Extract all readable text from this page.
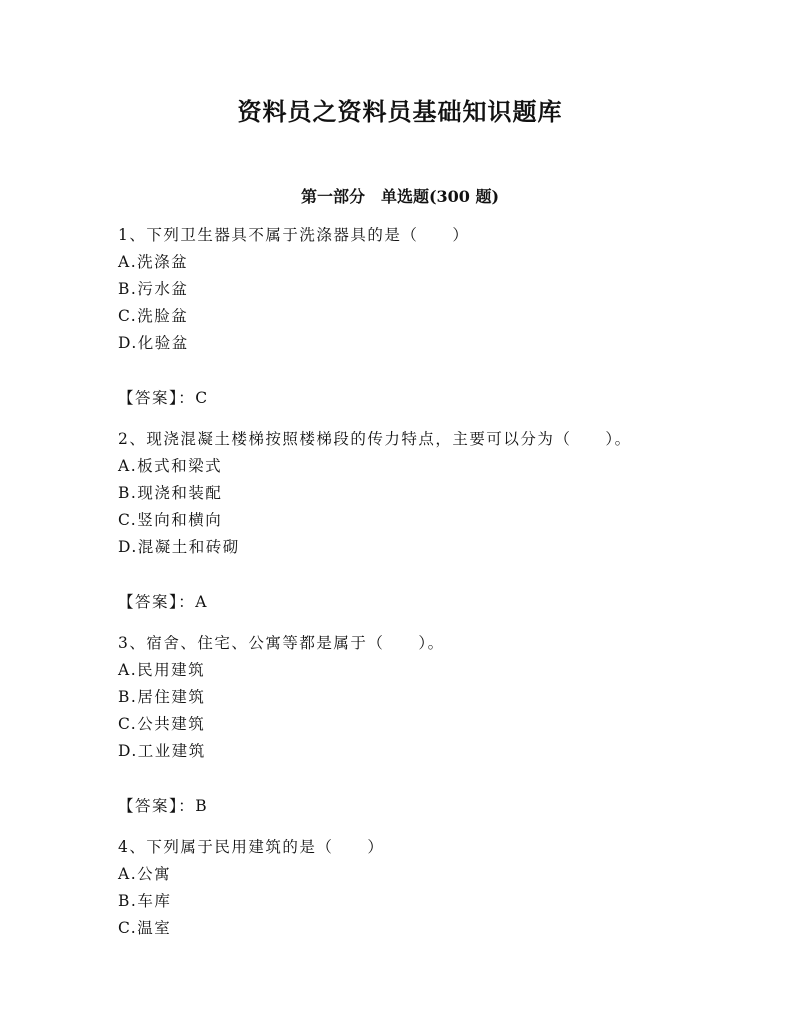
资料员之资料员基础知识题库
第一部分　单选题(300 题)
1、下列卫生器具不属于洗涤器具的是（　　）
A.洗涤盆
B.污水盆
C.洗脸盆
D.化验盆
【答案】：C
2、现浇混凝土楼梯按照楼梯段的传力特点，主要可以分为（　　）。
A.板式和梁式
B.现浇和装配
C.竖向和横向
D.混凝土和砖砌
【答案】：A
3、宿舍、住宅、公寓等都是属于（　　）。
A.民用建筑
B.居住建筑
C.公共建筑
D.工业建筑
【答案】：B
4、下列属于民用建筑的是（　　）
A.公寓
B.车库
C.温室
